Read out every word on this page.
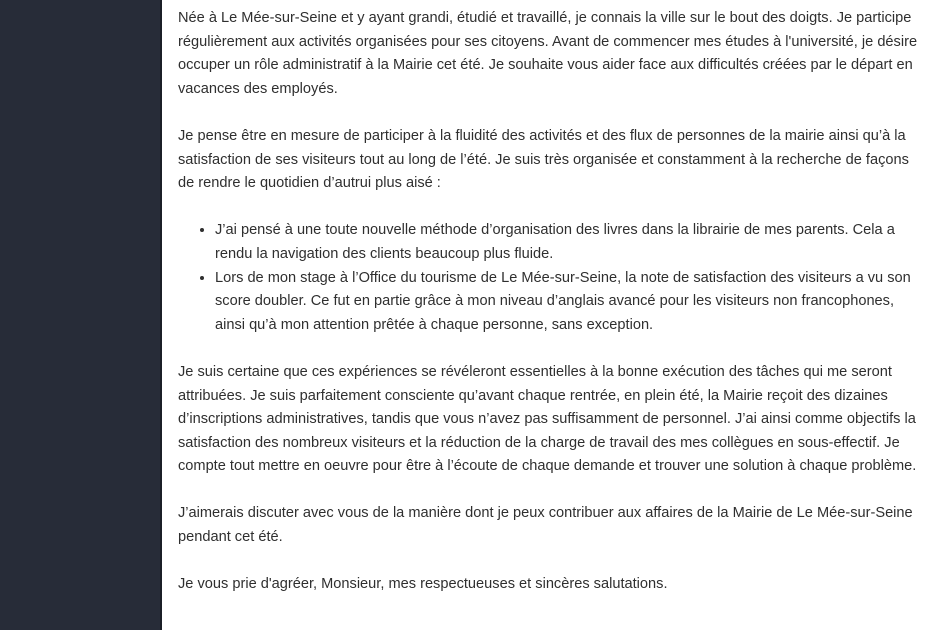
Née à Le Mée-sur-Seine et y ayant grandi, étudié et travaillé, je connais la ville sur le bout des doigts. Je participe régulièrement aux activités organisées pour ses citoyens. Avant de commencer mes études à l'université, je désire occuper un rôle administratif à la Mairie cet été. Je souhaite vous aider face aux difficultés créées par le départ en vacances des employés.

Je pense être en mesure de participer à la fluidité des activités et des flux de personnes de la mairie ainsi qu’à la satisfaction de ses visiteurs tout au long de l’été. Je suis très organisée et constamment à la recherche de façons de rendre le quotidien d’autrui plus aisé :

• J’ai pensé à une toute nouvelle méthode d’organisation des livres dans la librairie de mes parents. Cela a rendu la navigation des clients beaucoup plus fluide.
• Lors de mon stage à l’Office du tourisme de Le Mée-sur-Seine, la note de satisfaction des visiteurs a vu son score doubler. Ce fut en partie grâce à mon niveau d’anglais avancé pour les visiteurs non francophones, ainsi qu’à mon attention prêtée à chaque personne, sans exception.

Je suis certaine que ces expériences se révéleront essentielles à la bonne exécution des tâches qui me seront attribuées. Je suis parfaitement consciente qu’avant chaque rentrée, en plein été, la Mairie reçoit des dizaines d’inscriptions administratives, tandis que vous n’avez pas suffisamment de personnel. J’ai ainsi comme objectifs la satisfaction des nombreux visiteurs et la réduction de la charge de travail des mes collègues en sous-effectif. Je compte tout mettre en oeuvre pour être à l’écoute de chaque demande et trouver une solution à chaque problème.

J’aimerais discuter avec vous de la manière dont je peux contribuer aux affaires de la Mairie de Le Mée-sur-Seine pendant cet été.

Je vous prie d'agréer, Monsieur, mes respectueuses et sincères salutations.
